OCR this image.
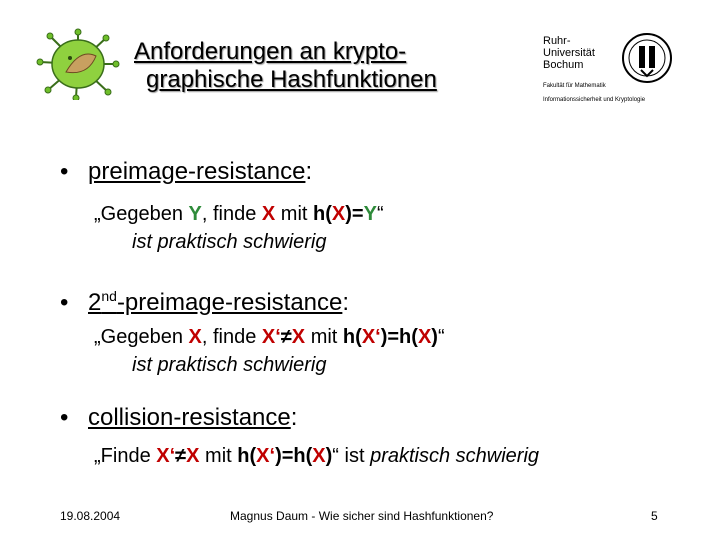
Anforderungen an krypto-
graphische Hashfunktionen
Ruhr-
Universität
Bochum
Fakultät für Mathematik
Informationssicherheit und Kryptologie
• preimage-resistance:
„Gegeben Y, finde X mit h(X)=Y“
ist praktisch schwierig
• 2nd-preimage-resistance:
„Gegeben X, finde X‘≠X mit h(X‘)=h(X)“
ist praktisch schwierig
• collision-resistance:
„Finde X‘≠X mit h(X‘)=h(X)“ ist praktisch schwierig
19.08.2004	Magnus Daum - Wie sicher sind Hashfunktionen?	5
